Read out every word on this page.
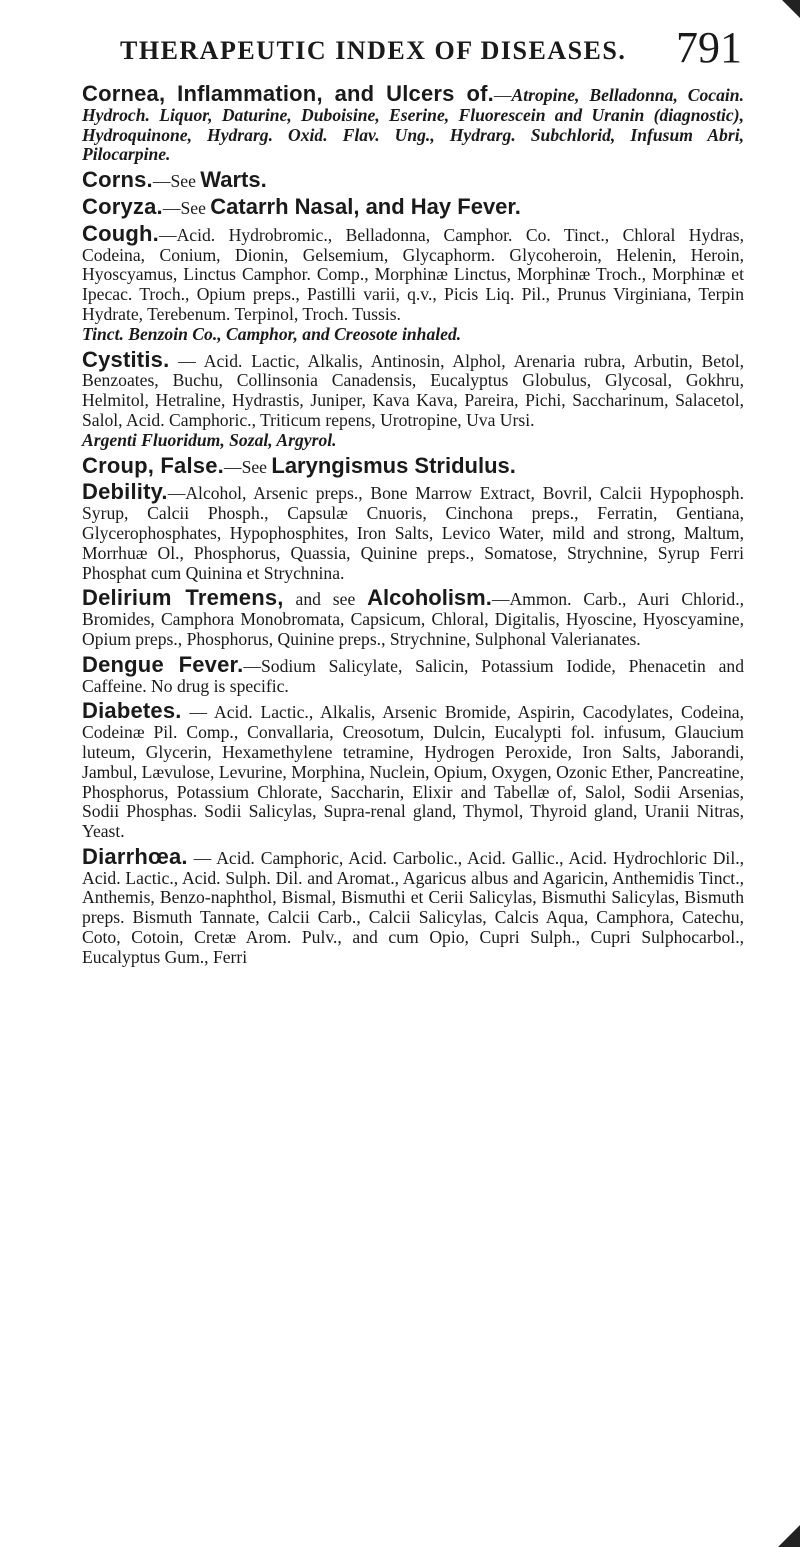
THERAPEUTIC INDEX OF DISEASES. 791

Cornea, Inflammation, and Ulcers of.—Atropine, Belladonna, Cocain. Hydroch. Liquor, Daturine, Duboisine, Eserine, Fluorescein and Uranin (diagnostic), Hydroquinone, Hydrarg. Oxid. Flav. Ung., Hydrarg. Subchlorid, Infusum Abri, Pilocarpine.

Corns.—See Warts.

Coryza.—See Catarrh Nasal, and Hay Fever.

Cough.—Acid. Hydrobromic., Belladonna, Camphor. Co. Tinct., Chloral Hydras, Codeina, Conium, Dionin, Gelsemium, Glycaphorm. Glycoheroin, Helenin, Heroin, Hyoscyamus, Linctus Camphor. Comp., Morphinæ Linctus, Morphinæ Troch., Morphinæ et Ipecac. Troch., Opium preps., Pastilli varii, q.v., Picis Liq. Pil., Prunus Virginiana, Terpin Hydrate, Terebenum. Terpinol, Troch. Tussis.

Tinct. Benzoin Co., Camphor, and Creosote inhaled.

Cystitis. — Acid. Lactic, Alkalis, Antinosin, Alphol, Arenaria rubra, Arbutin, Betol, Benzoates, Buchu, Collinsonia Canadensis, Eucalyptus Globulus, Glycosal, Gokhru, Helmitol, Hetraline, Hydrastis, Juniper, Kava Kava, Pareira, Pichi, Saccharinum, Salacetol, Salol, Acid. Camphoric., Triticum repens, Urotropine, Uva Ursi.

Argenti Fluoridum, Sozal, Argyrol.

Croup, False.—See Laryngismus Stridulus.

Debility.—Alcohol, Arsenic preps., Bone Marrow Extract, Bovril, Calcii Hypophosph. Syrup, Calcii Phosph., Capsulæ Cnuoris, Cinchona preps., Ferratin, Gentiana, Glycerophosphates, Hypophosphites, Iron Salts, Levico Water, mild and strong, Maltum, Morrhuæ Ol., Phosphorus, Quassia, Quinine preps., Somatose, Strychnine, Syrup Ferri Phosphat cum Quinina et Strychnina.

Delirium Tremens, and see Alcoholism.—Ammon. Carb., Auri Chlorid., Bromides, Camphora Monobromata, Capsicum, Chloral, Digitalis, Hyoscine, Hyoscyamine, Opium preps., Phosphorus, Quinine preps., Strychnine, Sulphonal Valerianates.

Dengue Fever.—Sodium Salicylate, Salicin, Potassium Iodide, Phenacetin and Caffeine. No drug is specific.

Diabetes. — Acid. Lactic., Alkalis, Arsenic Bromide, Aspirin, Cacodylates, Codeina, Codeinæ Pil. Comp., Convallaria, Creosotum, Dulcin, Eucalypti fol. infusum, Glaucium luteum, Glycerin, Hexamethylene tetramine, Hydrogen Peroxide, Iron Salts, Jaborandi, Jambul, Lævulose, Levurine, Morphina, Nuclein, Opium, Oxygen, Ozonic Ether, Pancreatine, Phosphorus, Potassium Chlorate, Saccharin, Elixir and Tabellæ of, Salol, Sodii Arsenias, Sodii Phosphas. Sodii Salicylas, Supra-renal gland, Thymol, Thyroid gland, Uranii Nitras, Yeast.

Diarrhœa. — Acid. Camphoric, Acid. Carbolic., Acid. Gallic., Acid. Hydrochloric Dil., Acid. Lactic., Acid. Sulph. Dil. and Aromat., Agaricus albus and Agaricin, Anthemidis Tinct., Anthemis, Benzo-naphthol, Bismal, Bismuthi et Cerii Salicylas, Bismuthi Salicylas, Bismuth preps. Bismuth Tannate, Calcii Carb., Calcii Salicylas, Calcis Aqua, Camphora, Catechu, Coto, Cotoin, Cretæ Arom. Pulv., and cum Opio, Cupri Sulph., Cupri Sulphocarbol., Eucalyptus Gum., Ferri
